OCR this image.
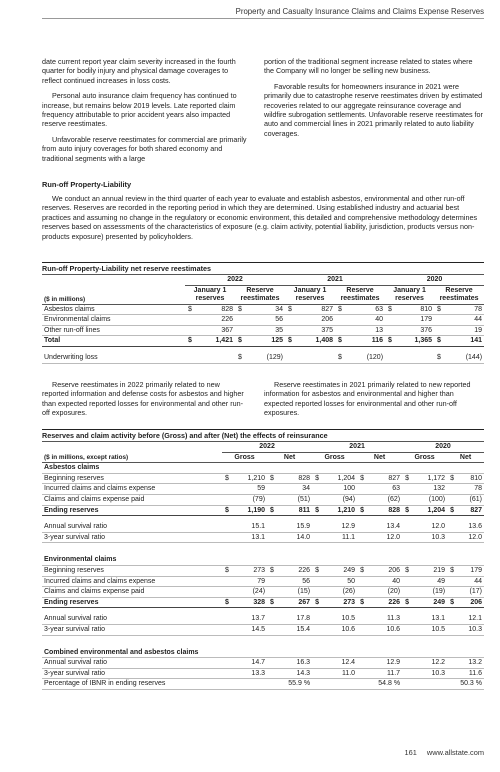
Property and Casualty Insurance Claims and Claims Expense Reserves

date current report year claim severity increased in the fourth quarter for bodily injury and physical damage coverages to reflect continued increases in loss costs.

Personal auto insurance claim frequency has continued to increase, but remains below 2019 levels. Late reported claim frequency attributable to prior accident years also impacted reserve reestimates.

Unfavorable reserve reestimates for commercial are primarily from auto injury coverages for both shared economy and traditional segments with a large

portion of the traditional segment increase related to states where the Company will no longer be selling new business.

Favorable results for homeowners insurance in 2021 were primarily due to catastrophe reserve reestimates driven by estimated recoveries related to our aggregate reinsurance coverage and wildfire subrogation settlements. Unfavorable reserve reestimates for auto and commercial lines in 2021 primarily related to auto liability coverages.

Run-off Property-Liability
We conduct an annual review in the third quarter of each year to evaluate and establish asbestos, environmental and other run-off reserves. Reserves are recorded in the reporting period in which they are determined. Using established industry and actuarial best practices and assuming no change in the regulatory or economic environment, this detailed and comprehensive methodology determines reserves based on assessments of the characteristics of exposure (e.g. claim activity, potential liability, jurisdiction, products versus non-products exposure) presented by policyholders.
Run-off Property-Liability net reserve reestimates
	2022				2021				2020			
($ in millions)	January 1 reserves		Reserve reestimates		January 1 reserves		Reserve reestimates		January 1 reserves		Reserve reestimates	
Asbestos claims	$	828	$	34	$	827	$	63	$	810	$	78
Environmental claims		226		56		206		40		179		44
Other run-off lines		367		35		375		13		376		19
Total	$	1,421	$	125	$	1,408	$	116	$	1,365	$	141

Underwriting loss			$	(129)			$	(120)			$	(144)

Reserve reestimates in 2022 primarily related to new reported information and defense costs for asbestos and higher than expected reported losses for environmental and other run-off exposures.

Reserve reestimates in 2021 primarily related to new reported information for asbestos and environmental and higher than expected reported losses for environmental and other run-off exposures.

Reserves and claim activity before (Gross) and after (Net) the effects of reinsurance
	2022				2021				2020			
($ in millions, except ratios)	Gross		Net		Gross		Net		Gross		Net	
Asbestos claims												
Beginning reserves	$	1,210	$	828	$	1,204	$	827	$	1,172	$	810
Incurred claims and claims expense		59		34		100		63		132		78
Claims and claims expense paid		(79)		(51)		(94)		(62)		(100)		(61)
Ending reserves	$	1,190	$	811	$	1,210	$	828	$	1,204	$	827

Annual survival ratio		15.1		15.9		12.9		13.4		12.0		13.6
3-year survival ratio		13.1		14.0		11.1		12.0		10.3		12.0

Environmental claims												
Beginning reserves	$	273	$	226	$	249	$	206	$	219	$	179
Incurred claims and claims expense		79		56		50		40		49		44
Claims and claims expense paid		(24)		(15)		(26)		(20)		(19)		(17)
Ending reserves	$	328	$	267	$	273	$	226	$	249	$	206

Annual survival ratio		13.7		17.8		10.5		11.3		13.1		12.1
3-year survival ratio		14.5		15.4		10.6		10.6		10.5		10.3

Combined environmental and asbestos claims												
Annual survival ratio		14.7		16.3		12.4		12.9		12.2		13.2
3-year survival ratio		13.3		14.3		11.0		11.7		10.3		11.6
Percentage of IBNR in ending reserves				55.9 %				54.8 %				50.3 %
161 www.allstate.com
